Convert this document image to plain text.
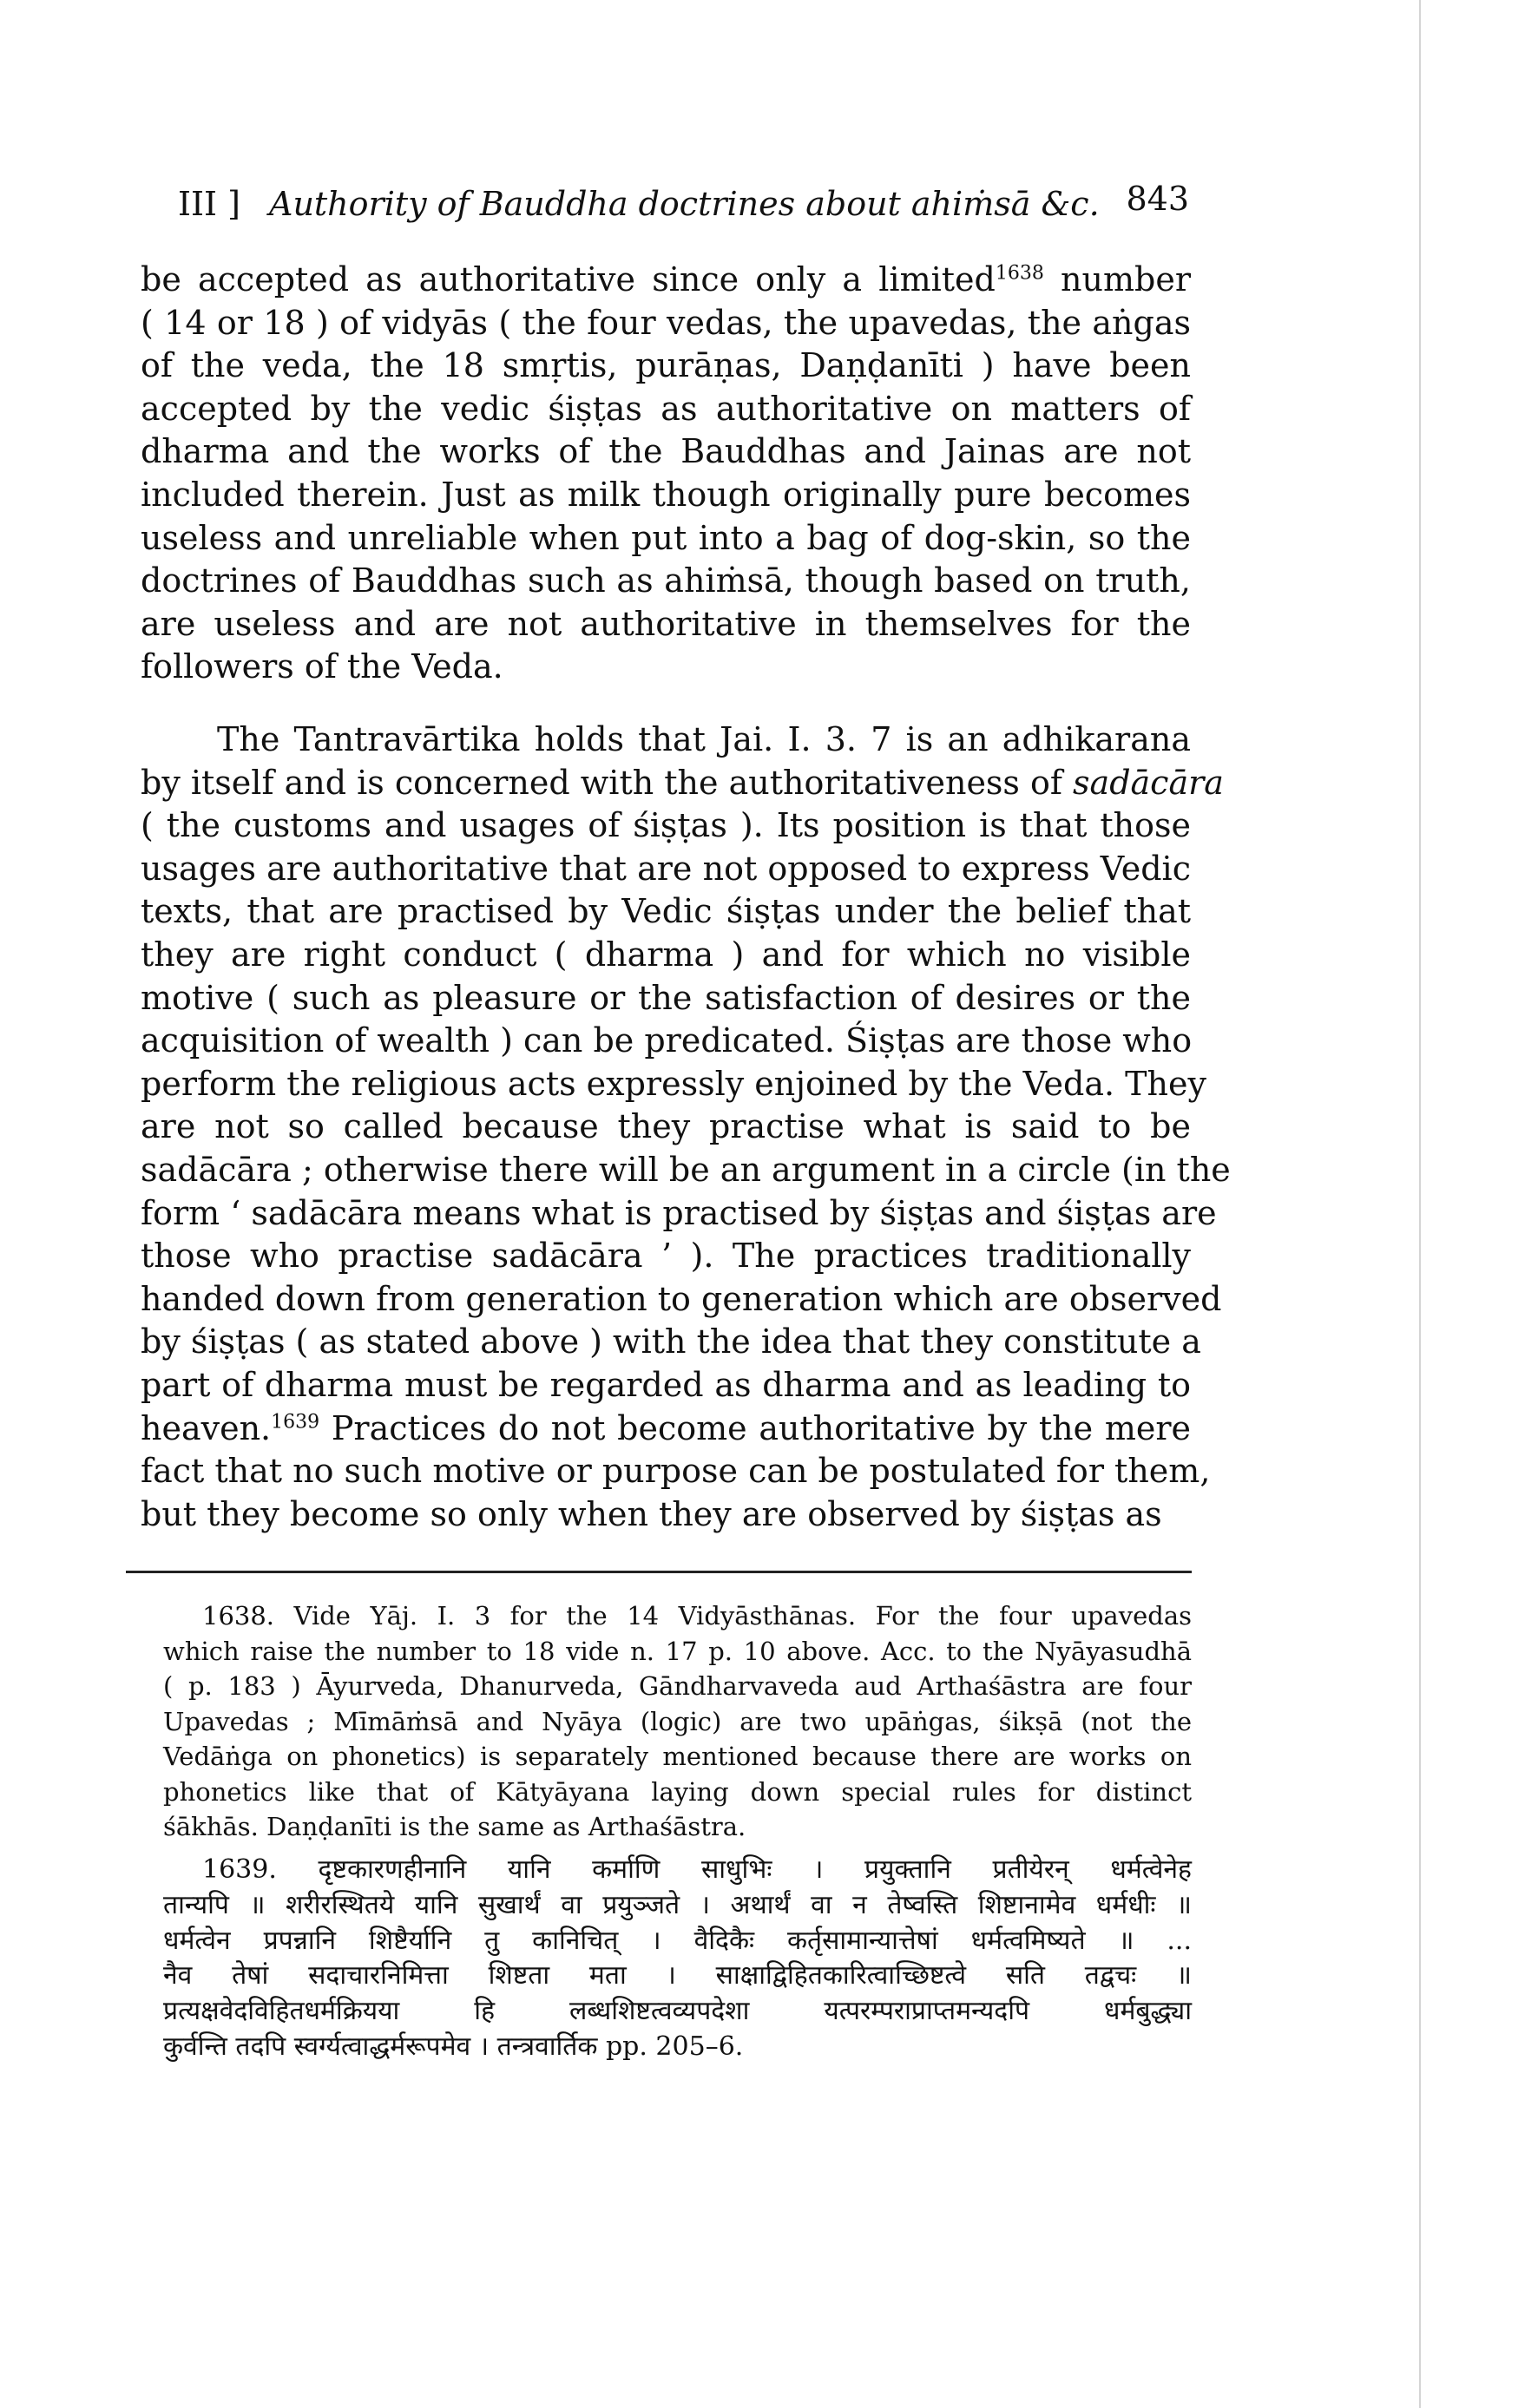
III ] Authority of Bauddha doctrines about ahiṁsā &c. 843
be accepted as authoritative since only a limited$^{1638}$ number
( 14 or 18 ) of vidyās ( the four vedas, the upavedas, the aṅgas
of the veda, the 18 smṛtis, purāṇas, Daṇḍanīti ) have been
accepted by the vedic śiṣṭas as authoritative on matters of
dharma and the works of the Bauddhas and Jainas are not
included therein. Just as milk though originally pure becomes
useless and unreliable when put into a bag of dog-skin, so the
doctrines of Bauddhas such as ahiṁsā, though based on truth,
are useless and are not authoritative in themselves for the
followers of the Veda.
The Tantravārtika holds that Jai. I. 3. 7 is an adhikarana
by itself and is concerned with the authoritativeness of sadācāra
( the customs and usages of śiṣṭas ). Its position is that those
usages are authoritative that are not opposed to express Vedic
texts, that are practised by Vedic śiṣṭas under the belief that
they are right conduct ( dharma ) and for which no visible
motive ( such as pleasure or the satisfaction of desires or the
acquisition of wealth ) can be predicated. Śiṣṭas are those who
perform the religious acts expressly enjoined by the Veda. They
are not so called because they practise what is said to be
sadācāra ; otherwise there will be an argument in a circle (in the
form ‘ sadācāra means what is practised by śiṣṭas and śiṣṭas are
those who practise sadācāra ’ ). The practices traditionally
handed down from generation to generation which are observed
by śiṣṭas ( as stated above ) with the idea that they constitute a
part of dharma must be regarded as dharma and as leading to
heaven.$^{1639}$ Practices do not become authoritative by the mere
fact that no such motive or purpose can be postulated for them,
but they become so only when they are observed by śiṣṭas as
1638. Vide Yāj. I. 3 for the 14 Vidyāsthānas. For the four upavedas
which raise the number to 18 vide n. 17 p. 10 above. Acc. to the Nyāyasudhā
( p. 183 ) Āyurveda, Dhanurveda, Gāndharvaveda aud Arthaśāstra are four
Upavedas ; Mīmāṁsā and Nyāya (logic) are two upāṅgas, śikṣā (not the
Vedāṅga on phonetics) is separately mentioned because there are works on
phonetics like that of Kātyāyana laying down special rules for distinct
śākhās. Daṇḍanīti is the same as Arthaśāstra.
1639. दृष्टकारणहीनानि यानि कर्माणि साधुभिः । प्रयुक्तानि प्रतीयेरन् धर्मत्वेनेह
तान्यपि ॥ शरीरस्थितये यानि सुखार्थं वा प्रयुञ्जते । अथार्थं वा न तेष्वस्ति शिष्टानामेव धर्मधीः ॥
धर्मत्वेन प्रपन्नानि शिष्टैर्यानि तु कानिचित् । वैदिकैः कर्तृसामान्यात्तेषां धर्मत्वमिष्यते ॥ ...
नैव तेषां सदाचारनिमित्ता शिष्टता मता । साक्षाद्विहितकारित्वाच्छिष्टत्वे सति तद्वचः ॥
प्रत्यक्षवेदविहितधर्मक्रियया हि लब्धशिष्टत्वव्यपदेशा यत्परम्पराप्राप्तमन्यदपि धर्मबुद्ध्या
कुर्वन्ति तदपि स्वर्ग्यत्वाद्धर्मरूपमेव । तन्त्रवार्तिक pp. 205–6.
